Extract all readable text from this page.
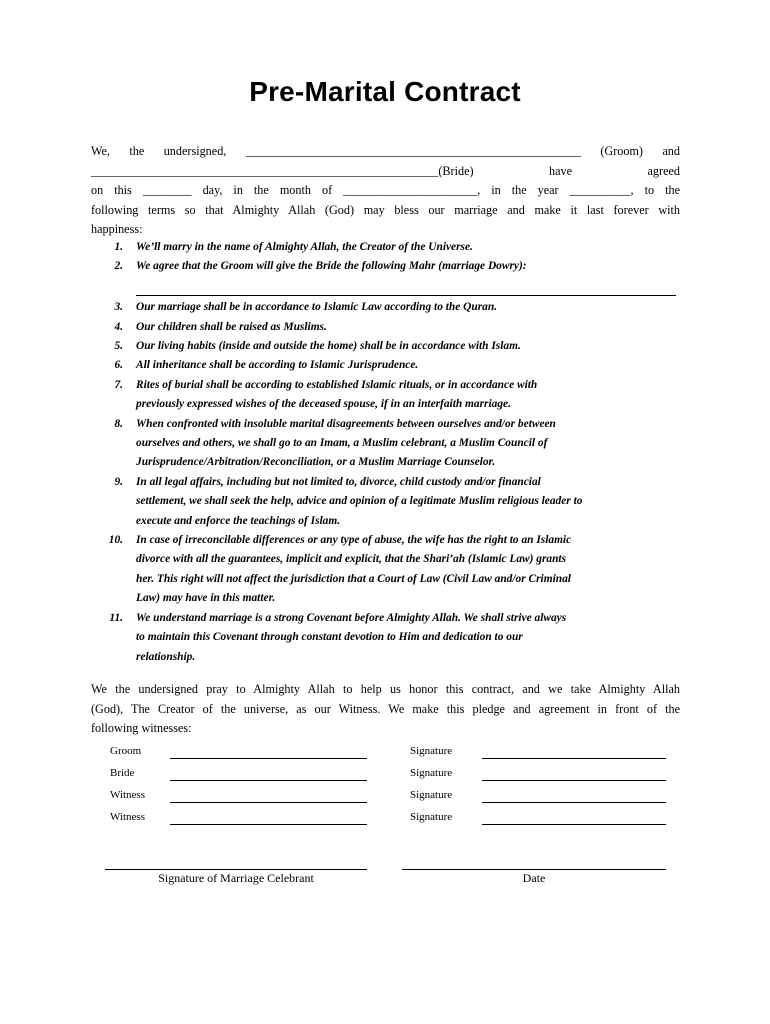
Pre-Marital Contract
We, the undersigned, _______________________________________________________ (Groom) and
_________________________________________________________(Bride) have agreed
on this ________ day, in the month of ______________________, in the year __________, to the
following terms so that Almighty Allah (God) may bless our marriage and make it last forever with
happiness:
1. We’ll marry in the name of Almighty Allah, the Creator of the Universe.
2. We agree that the Groom will give the Bride the following Mahr (marriage Dowry):
3. Our marriage shall be in accordance to Islamic Law according to the Quran.
4. Our children shall be raised as Muslims.
5. Our living habits (inside and outside the home) shall be in accordance with Islam.
6. All inheritance shall be according to Islamic Jurisprudence.
7. Rites of burial shall be according to established Islamic rituals, or in accordance with
previously expressed wishes of the deceased spouse, if in an interfaith marriage.
8. When confronted with insoluble marital disagreements between ourselves and/or between
ourselves and others, we shall go to an Imam, a Muslim celebrant, a Muslim Council of
Jurisprudence/Arbitration/Reconciliation, or a Muslim Marriage Counselor.
9. In all legal affairs, including but not limited to, divorce, child custody and/or financial
settlement, we shall seek the help, advice and opinion of a legitimate Muslim religious leader to
execute and enforce the teachings of Islam.
10. In case of irreconcilable differences or any type of abuse, the wife has the right to an Islamic
divorce with all the guarantees, implicit and explicit, that the Shari’ah (Islamic Law) grants
her. This right will not affect the jurisdiction that a Court of Law (Civil Law and/or Criminal
Law) may have in this matter.
11. We understand marriage is a strong Covenant before Almighty Allah. We shall strive always
to maintain this Covenant through constant devotion to Him and dedication to our
relationship.
We the undersigned pray to Almighty Allah to help us honor this contract, and we take Almighty Allah
(God), The Creator of the universe, as our Witness. We make this pledge and agreement in front of the
following witnesses:
Groom	Signature
Bride	Signature
Witness	Signature
Witness	Signature
Signature of Marriage Celebrant	Date
